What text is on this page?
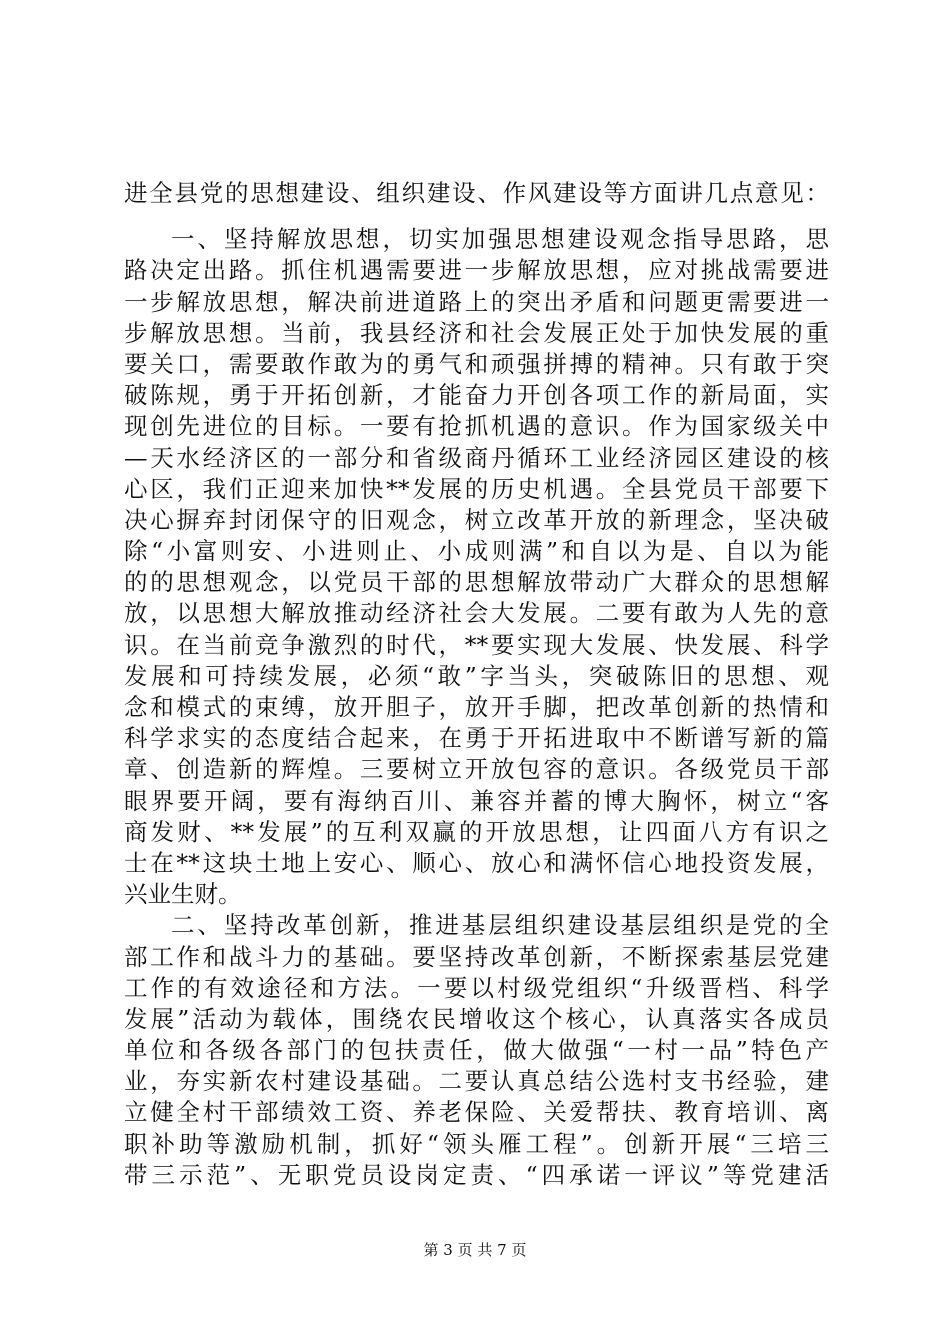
进全县党的思想建设、组织建设、作风建设等方面讲几点意见：
一、坚持解放思想，切实加强思想建设观念指导思路，思
路决定出路。抓住机遇需要进一步解放思想，应对挑战需要进
一步解放思想，解决前进道路上的突出矛盾和问题更需要进一
步解放思想。当前，我县经济和社会发展正处于加快发展的重
要关口，需要敢作敢为的勇气和顽强拼搏的精神。只有敢于突
破陈规，勇于开拓创新，才能奋力开创各项工作的新局面，实
现创先进位的目标。一要有抢抓机遇的意识。作为国家级关中
—天水经济区的一部分和省级商丹循环工业经济园区建设的核
心区，我们正迎来加快**发展的历史机遇。全县党员干部要下
决心摒弃封闭保守的旧观念，树立改革开放的新理念，坚决破
除“小富则安、小进则止、小成则满”和自以为是、自以为能
的的思想观念，以党员干部的思想解放带动广大群众的思想解
放，以思想大解放推动经济社会大发展。二要有敢为人先的意
识。在当前竞争激烈的时代，**要实现大发展、快发展、科学
发展和可持续发展，必须“敢”字当头，突破陈旧的思想、观
念和模式的束缚，放开胆子，放开手脚，把改革创新的热情和
科学求实的态度结合起来，在勇于开拓进取中不断谱写新的篇
章、创造新的辉煌。三要树立开放包容的意识。各级党员干部
眼界要开阔，要有海纳百川、兼容并蓄的博大胸怀，树立“客
商发财、**发展”的互利双赢的开放思想，让四面八方有识之
士在**这块土地上安心、顺心、放心和满怀信心地投资发展，
兴业生财。
二、坚持改革创新，推进基层组织建设基层组织是党的全
部工作和战斗力的基础。要坚持改革创新，不断探索基层党建
工作的有效途径和方法。一要以村级党组织“升级晋档、科学
发展”活动为载体，围绕农民增收这个核心，认真落实各成员
单位和各级各部门的包扶责任，做大做强“一村一品”特色产
业，夯实新农村建设基础。二要认真总结公选村支书经验，建
立健全村干部绩效工资、养老保险、关爱帮扶、教育培训、离
职补助等激励机制，抓好“领头雁工程”。创新开展“三培三
带三示范”、无职党员设岗定责、“四承诺一评议”等党建活
第 3 页 共 7 页
